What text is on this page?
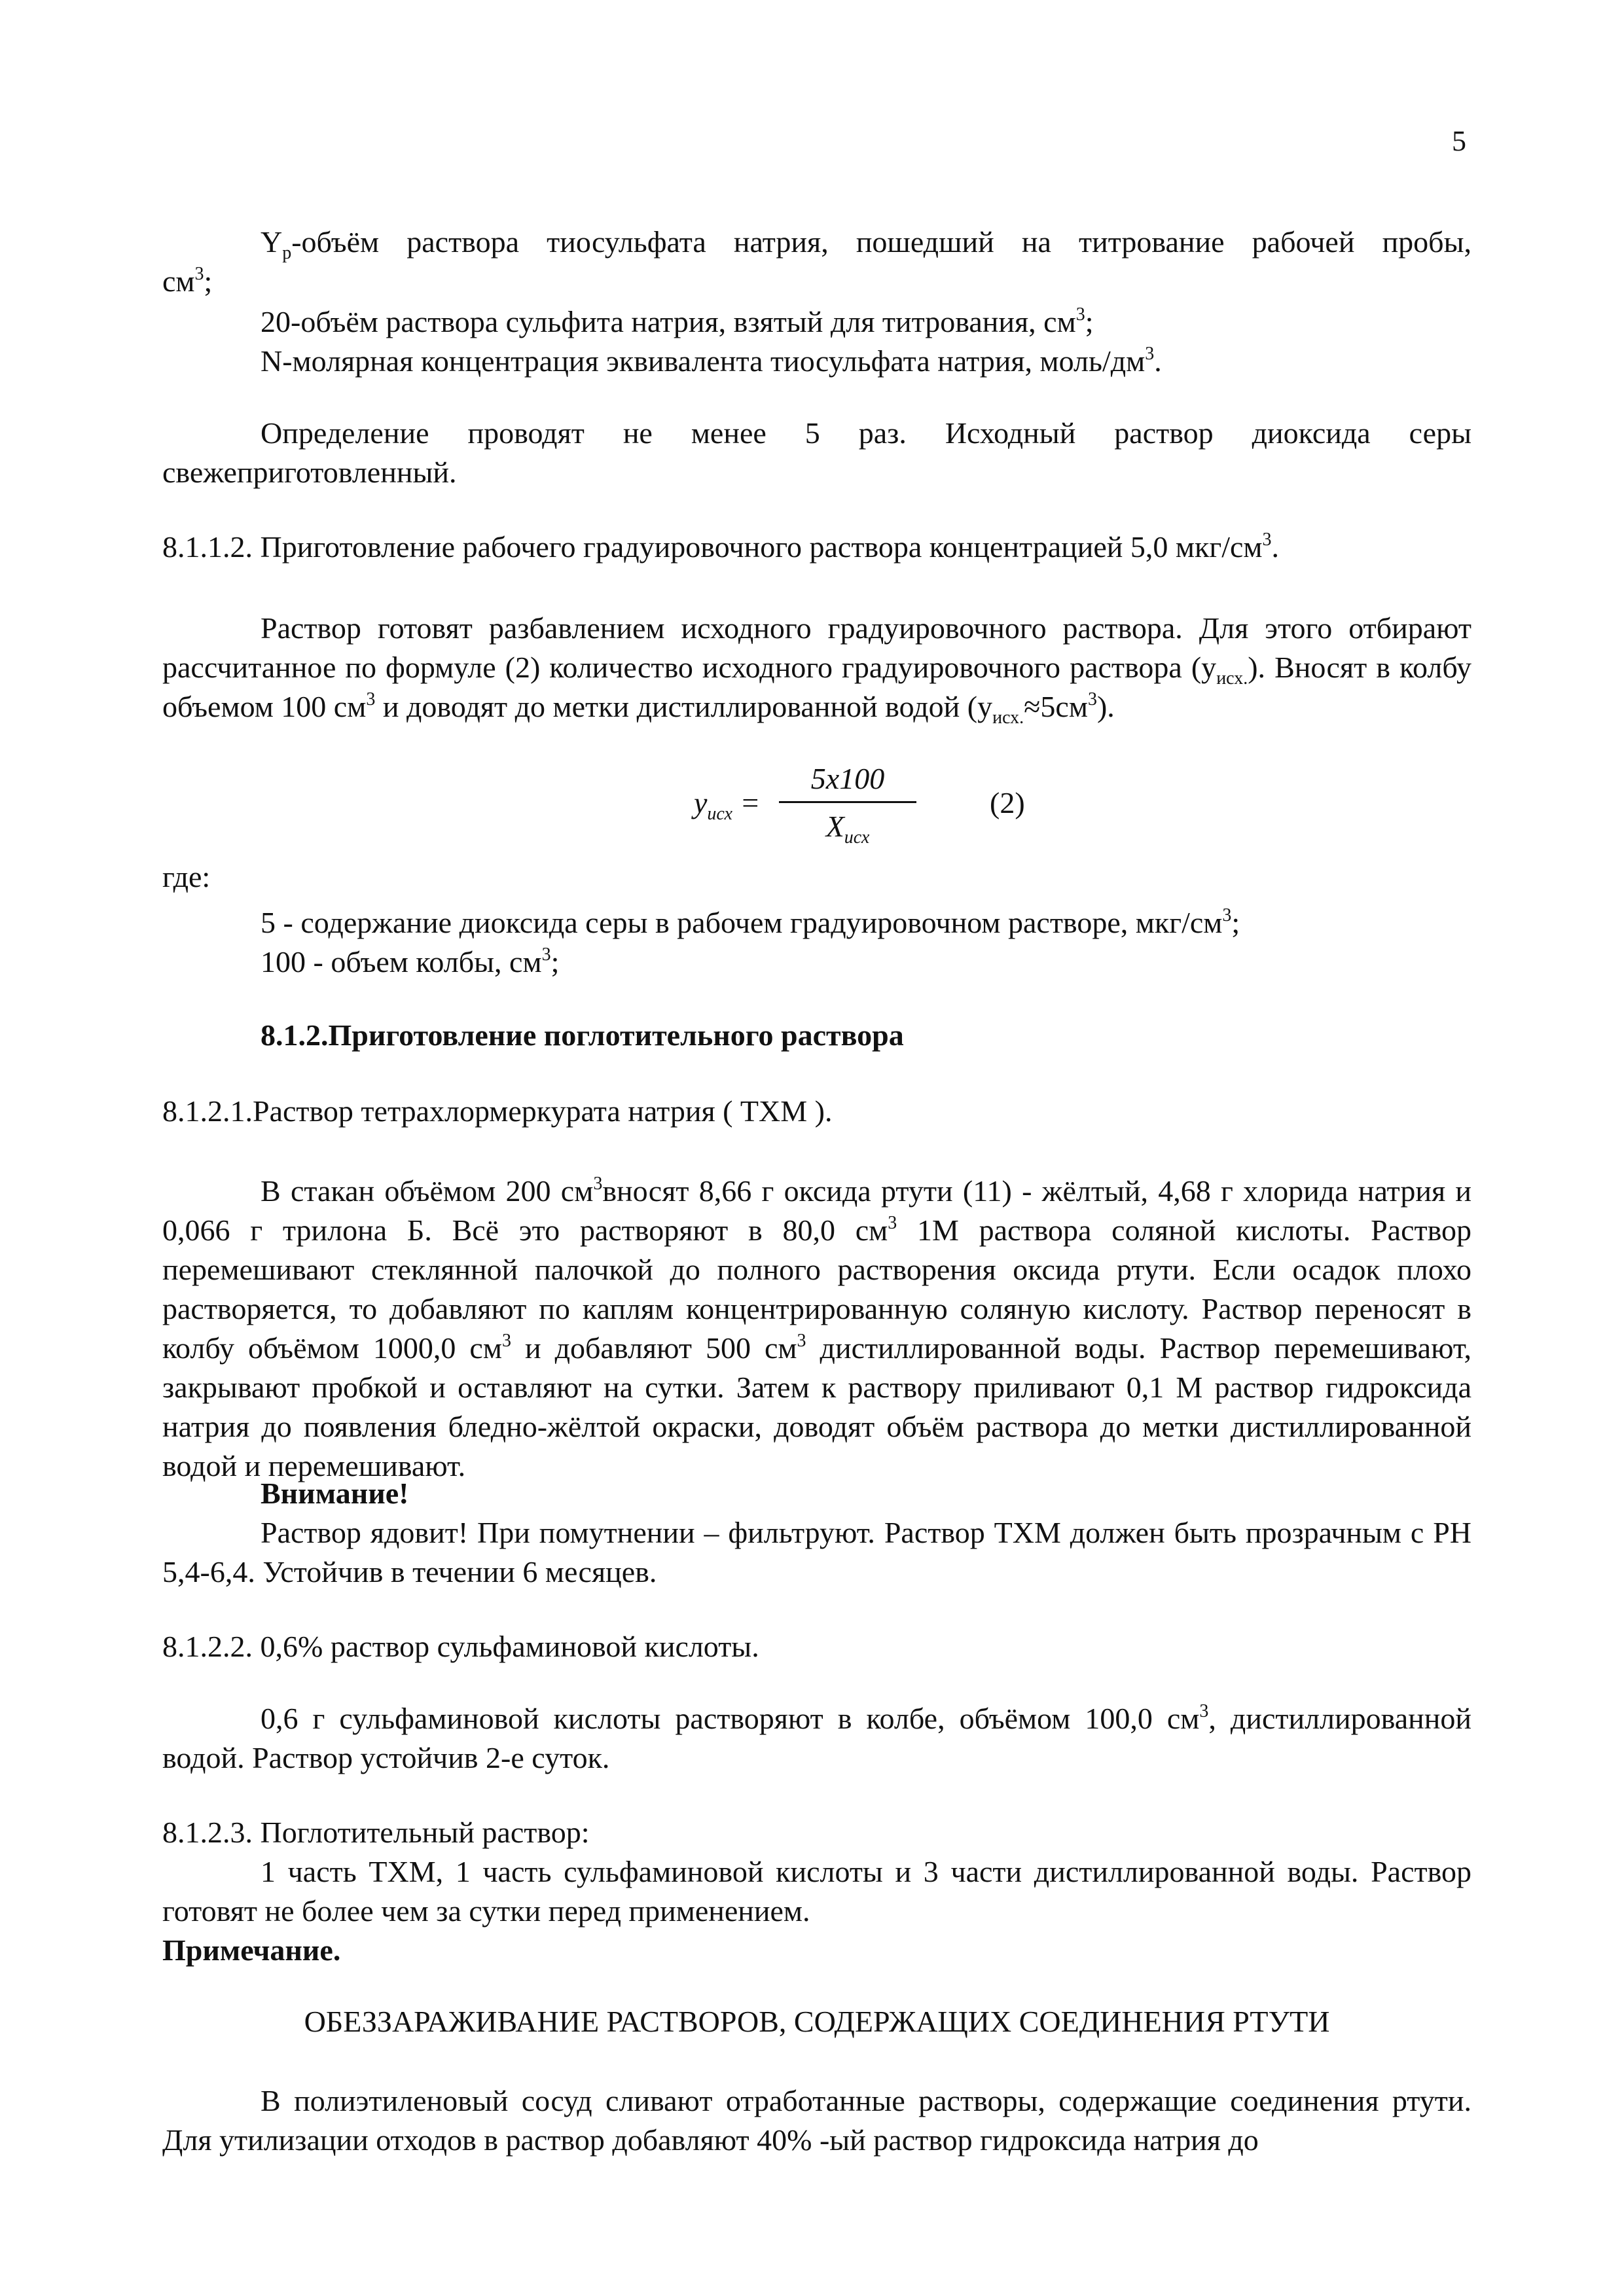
5
$Y_р$-объём раствора тиосульфата натрия, пошедший на титрование рабочей пробы,
$см^3$;
20-объём раствора сульфита натрия, взятый для титрования, $см^3$;
N-молярная концентрация эквивалента тиосульфата натрия, моль/$дм^3$.

Определение проводят не менее 5 раз. Исходный раствор диоксида серы свежеприготовленный.

8.1.1.2. Приготовление рабочего градуировочного раствора концентрацией 5,0 мкг/$см^3$.

Раствор готовят разбавлением исходного градуировочного раствора. Для этого отбирают рассчитанное по формуле (2) количество исходного градуировочного раствора $(у_{исх.})$. Вносят в колбу объемом 100 $см^3$ и доводят до метки дистиллированной водой $(у_{исх.}\approx 5см^3)$.

$y_{исх}$ =
5x100
$X_{исх}$
(2)
где:
5 - содержание диоксида серы в рабочем градуировочном растворе, мкг/$см^3$;
100 - объем колбы, $см^3$;
8.1.2.Приготовление поглотительного раствора
8.1.2.1.Раствор тетрахлормеркурата натрия ( ТХМ ).

В стакан объёмом 200 $см^3вносят$ 8,66 г оксида ртути (11) - жёлтый, 4,68 г хлорида натрия и 0,066 г трилона Б. Всё это растворяют в 80,0 $см^3$ 1М раствора соляной кислоты. Раствор перемешивают стеклянной палочкой до полного растворения оксида ртути. Если осадок плохо растворяется, то добавляют по каплям концентрированную соляную кислоту. Раствор переносят в колбу объёмом 1000,0 $см^3$ и добавляют 500 $см^3$ дистиллированной воды. Раствор перемешивают, закрывают пробкой и оставляют на сутки. Затем к раствору приливают 0,1 М раствор гидроксида натрия до появления бледно-жёлтой окраски, доводят объём раствора до метки дистиллированной водой и перемешивают.

Внимание!

Раствор ядовит! При помутнении – фильтруют. Раствор ТХМ должен быть прозрачным с РН 5,4-6,4. Устойчив в течении 6 месяцев.

8.1.2.2. 0,6% раствор сульфаминовой кислоты.

0,6 г сульфаминовой кислоты растворяют в колбе, объёмом 100,0 $см^3$, дистиллированной водой. Раствор устойчив 2-е суток.

8.1.2.3. Поглотительный раствор:

1 часть ТХМ, 1 часть сульфаминовой кислоты и 3 части дистиллированной воды. Раствор готовят не более чем за сутки перед применением.

Примечание.
ОБЕЗЗАРАЖИВАНИЕ РАСТВОРОВ, СОДЕРЖАЩИХ СОЕДИНЕНИЯ РТУТИ

В полиэтиленовый сосуд сливают отработанные растворы, содержащие соединения ртути. Для утилизации отходов в раствор добавляют 40% -ый раствор гидроксида натрия до
